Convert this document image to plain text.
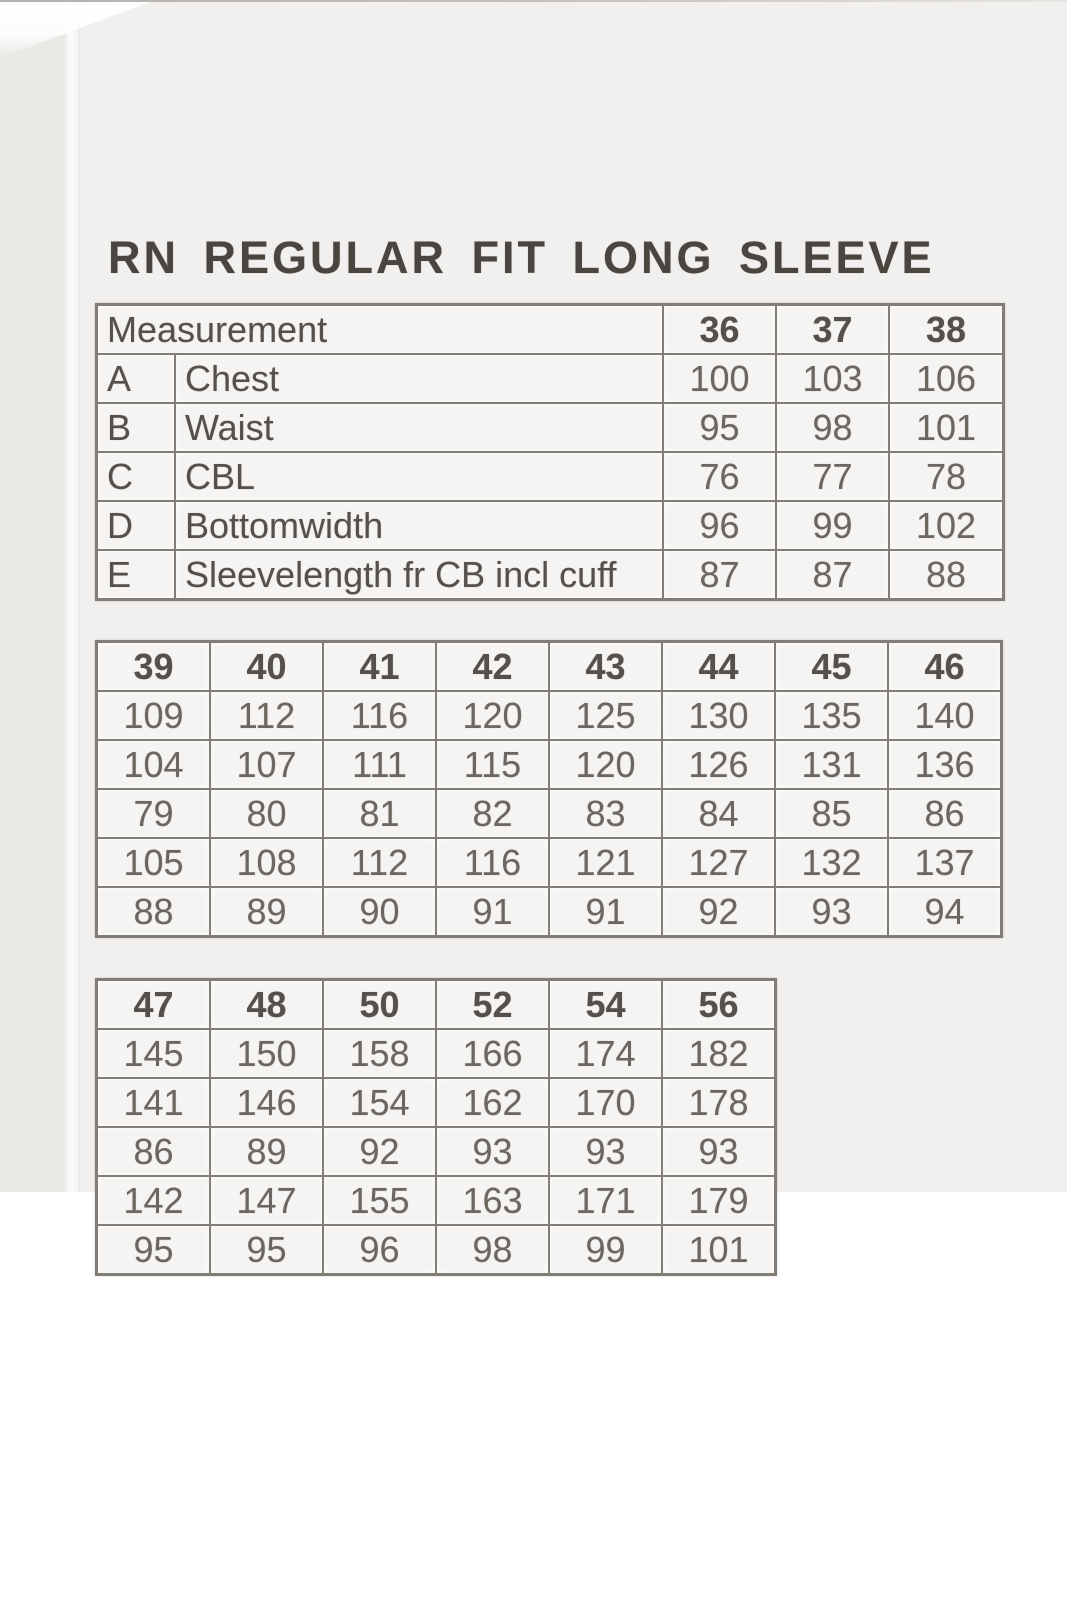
RN REGULAR FIT LONG SLEEVE
Measurement	36	37	38
A	Chest	100	103	106
B	Waist	95	98	101
C	CBL	76	77	78
D	Bottomwidth	96	99	102
E	Sleevelength fr CB incl cuff	87	87	88
39	40	41	42	43	44	45	46
109	112	116	120	125	130	135	140
104	107	111	115	120	126	131	136
79	80	81	82	83	84	85	86
105	108	112	116	121	127	132	137
88	89	90	91	91	92	93	94
47	48	50	52	54	56
145	150	158	166	174	182
141	146	154	162	170	178
86	89	92	93	93	93
142	147	155	163	171	179
95	95	96	98	99	101
